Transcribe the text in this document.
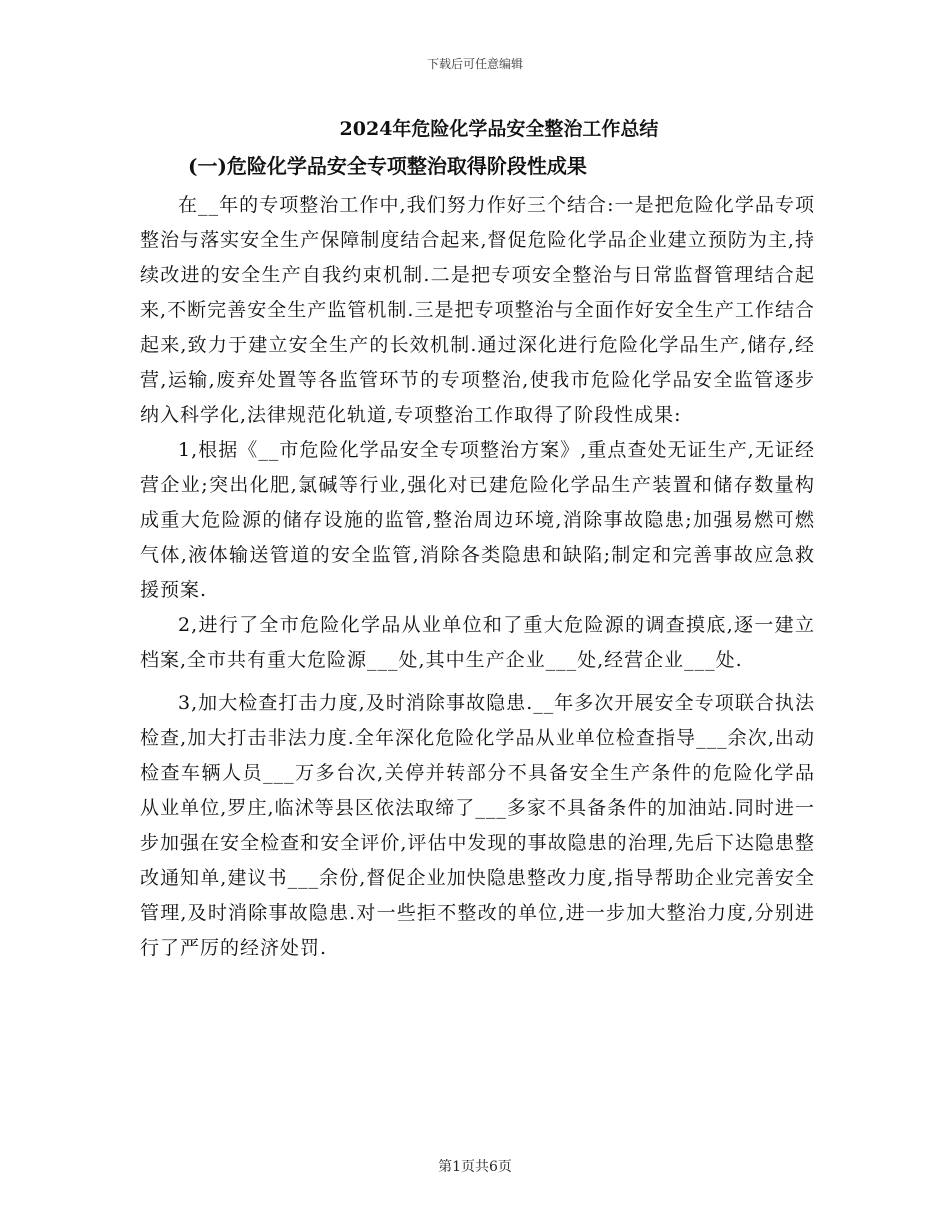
下载后可任意编辑
2024年危险化学品安全整治工作总结
(一)危险化学品安全专项整治取得阶段性成果

在__年的专项整治工作中,我们努力作好三个结合:一是把危险化学品专项整治与落实安全生产保障制度结合起来,督促危险化学品企业建立预防为主,持续改进的安全生产自我约束机制.二是把专项安全整治与日常监督管理结合起来,不断完善安全生产监管机制.三是把专项整治与全面作好安全生产工作结合起来,致力于建立安全生产的长效机制.通过深化进行危险化学品生产,储存,经营,运输,废弃处置等各监管环节的专项整治,使我市危险化学品安全监管逐步纳入科学化,法律规范化轨道,专项整治工作取得了阶段性成果:

1,根据《__市危险化学品安全专项整治方案》,重点查处无证生产,无证经营企业;突出化肥,氯碱等行业,强化对已建危险化学品生产装置和储存数量构成重大危险源的储存设施的监管,整治周边环境,消除事故隐患;加强易燃可燃气体,液体输送管道的安全监管,消除各类隐患和缺陷;制定和完善事故应急救援预案.

2,进行了全市危险化学品从业单位和了重大危险源的调查摸底,逐一建立档案,全市共有重大危险源___处,其中生产企业___处,经营企业___处.

3,加大检查打击力度,及时消除事故隐患.__年多次开展安全专项联合执法检查,加大打击非法力度.全年深化危险化学品从业单位检查指导___余次,出动检查车辆人员___万多台次,关停并转部分不具备安全生产条件的危险化学品从业单位,罗庄,临沭等县区依法取缔了___多家不具备条件的加油站.同时进一步加强在安全检查和安全评价,评估中发现的事故隐患的治理,先后下达隐患整改通知单,建议书___余份,督促企业加快隐患整改力度,指导帮助企业完善安全管理,及时消除事故隐患.对一些拒不整改的单位,进一步加大整治力度,分别进行了严厉的经济处罚.

第1页共6页
